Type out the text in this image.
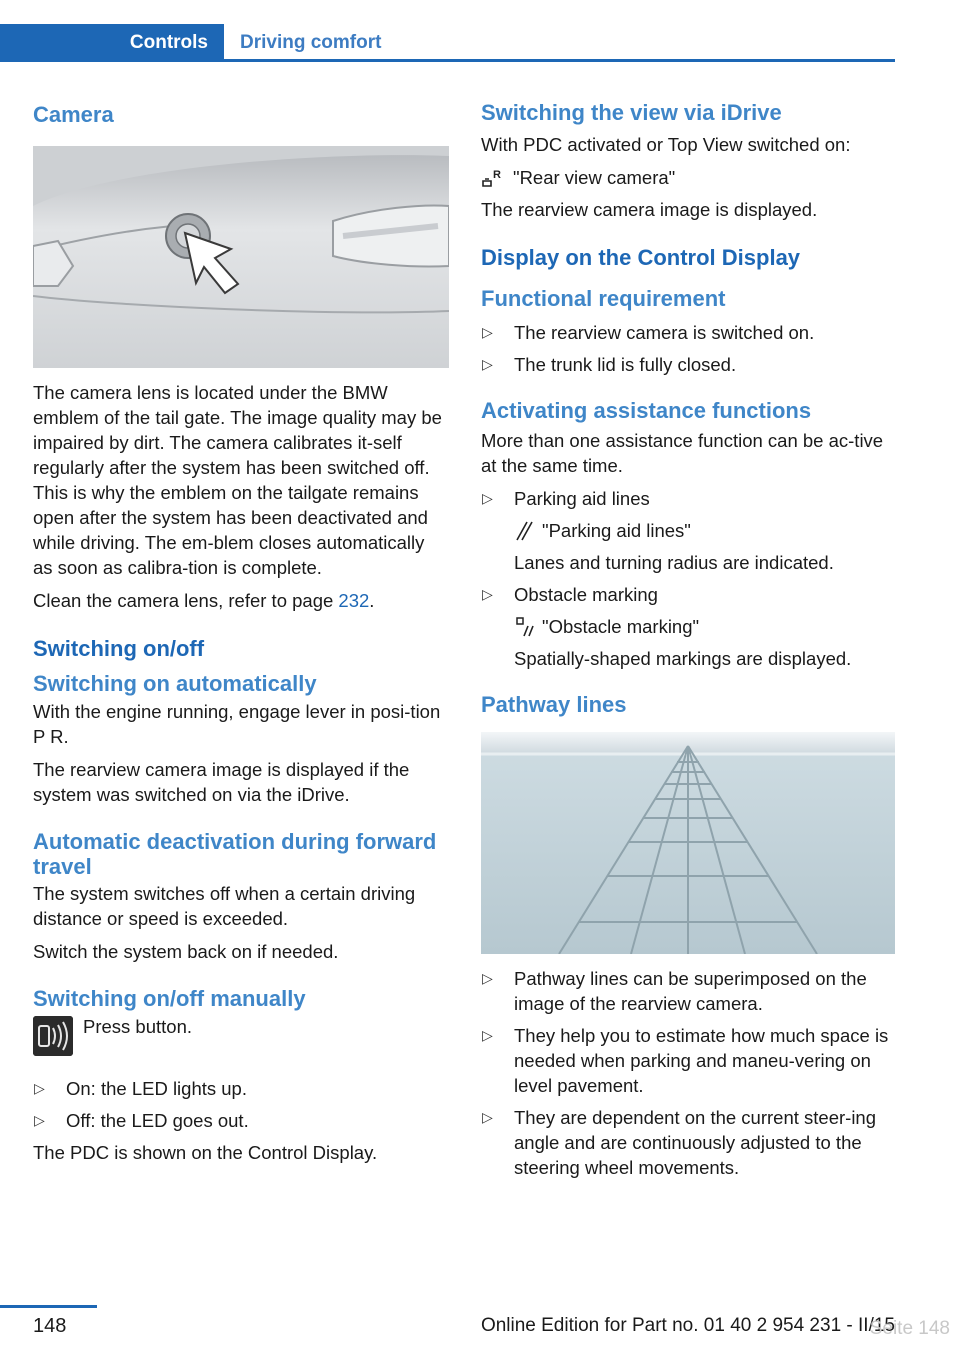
Controls	Driving comfort
Camera

The camera lens is located under the BMW emblem of the tail gate. The image quality may be impaired by dirt. The camera calibrates it-self regularly after the system has been switched off. This is why the emblem on the tailgate remains open after the system has been deactivated and while driving. The em-blem closes automatically as soon as calibra-tion is complete.

Clean the camera lens, refer to page 232.

Switching on/off
Switching on automatically

With the engine running, engage lever in posi-tion P R.

The rearview camera image is displayed if the system was switched on via the iDrive.

Automatic deactivation during forward travel

The system switches off when a certain driving distance or speed is exceeded.

Switch the system back on if needed.

Switching on/off manually

Press button.

▷ On: the LED lights up.
▷ Off: the LED goes out.

The PDC is shown on the Control Display.

Switching the view via iDrive

With PDC activated or Top View switched on:

R "Rear view camera"

The rearview camera image is displayed.

Display on the Control Display
Functional requirement
▷ The rearview camera is switched on.
▷ The trunk lid is fully closed.
Activating assistance functions

More than one assistance function can be ac-tive at the same time.

▷ Parking aid lines
"Parking aid lines"
Lanes and turning radius are indicated.
▷ Obstacle marking
"Obstacle marking"
Spatially-shaped markings are displayed.
Pathway lines
▷ Pathway lines can be superimposed on the image of the rearview camera.
▷ They help you to estimate how much space is needed when parking and maneu-vering on level pavement.
▷ They are dependent on the current steer-ing angle and are continuously adjusted to the steering wheel movements.
148	Online Edition for Part no. 01 40 2 954 231 - II/15
Seite 148
